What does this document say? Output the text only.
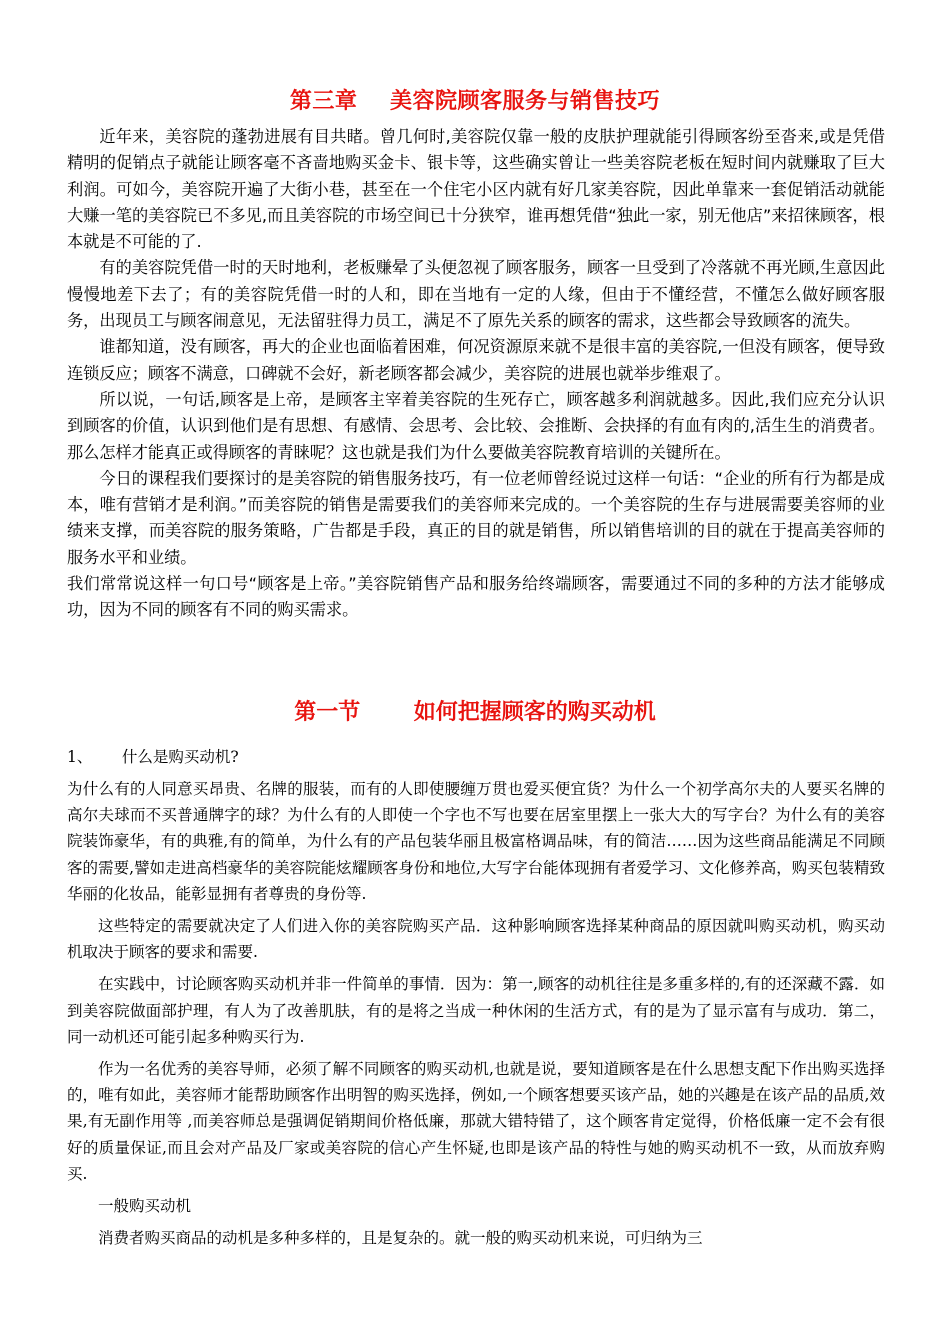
第三章    美容院顾客服务与销售技巧

近年来，美容院的蓬勃进展有目共睹。曾几何时,美容院仅靠一般的皮肤护理就能引得顾客纷至沓来,或是凭借精明的促销点子就能让顾客毫不吝啬地购买金卡、银卡等，这些确实曾让一些美容院老板在短时间内就赚取了巨大利润。可如今，美容院开遍了大街小巷，甚至在一个住宅小区内就有好几家美容院，因此单靠来一套促销活动就能大赚一笔的美容院已不多见,而且美容院的市场空间已十分狭窄，谁再想凭借“独此一家，别无他店”来招徕顾客，根本就是不可能的了.

有的美容院凭借一时的天时地利，老板赚晕了头便忽视了顾客服务，顾客一旦受到了冷落就不再光顾,生意因此慢慢地差下去了；有的美容院凭借一时的人和，即在当地有一定的人缘，但由于不懂经营，不懂怎么做好顾客服务，出现员工与顾客闹意见，无法留驻得力员工，满足不了原先关系的顾客的需求，这些都会导致顾客的流失。

谁都知道，没有顾客，再大的企业也面临着困难，何况资源原来就不是很丰富的美容院,一但没有顾客，便导致连锁反应；顾客不满意，口碑就不会好，新老顾客都会减少，美容院的进展也就举步维艰了。

所以说，一句话,顾客是上帝，是顾客主宰着美容院的生死存亡，顾客越多利润就越多。因此,我们应充分认识到顾客的价值，认识到他们是有思想、有感情、会思考、会比较、会推断、会抉择的有血有肉的,活生生的消费者。那么怎样才能真正或得顾客的青睐呢？这也就是我们为什么要做美容院教育培训的关键所在。

今日的课程我们要探讨的是美容院的销售服务技巧，有一位老师曾经说过这样一句话：“企业的所有行为都是成本，唯有营销才是利润。”而美容院的销售是需要我们的美容师来完成的。一个美容院的生存与进展需要美容师的业绩来支撑，而美容院的服务策略，广告都是手段，真正的目的就是销售，所以销售培训的目的就在于提高美容师的服务水平和业绩。

我们常常说这样一句口号“顾客是上帝。”美容院销售产品和服务给终端顾客，需要通过不同的多种的方法才能够成功，因为不同的顾客有不同的购买需求。

第一节       如何把握顾客的购买动机
1、      什么是购买动机?

为什么有的人同意买昂贵、名牌的服装，而有的人即使腰缠万贯也爱买便宜货？为什么一个初学高尔夫的人要买名牌的高尔夫球而不买普通牌字的球？为什么有的人即使一个字也不写也要在居室里摆上一张大大的写字台？为什么有的美容院装饰豪华，有的典雅,有的简单，为什么有的产品包装华丽且极富格调品味，有的简洁……因为这些商品能满足不同顾客的需要,譬如走进高档豪华的美容院能炫耀顾客身份和地位,大写字台能体现拥有者爱学习、文化修养高，购买包装精致华丽的化妆品，能彰显拥有者尊贵的身份等.

这些特定的需要就决定了人们进入你的美容院购买产品．这种影响顾客选择某种商品的原因就叫购买动机，购买动机取决于顾客的要求和需要.

在实践中，讨论顾客购买动机并非一件简单的事情．因为：第一,顾客的动机往往是多重多样的,有的还深藏不露．如到美容院做面部护理，有人为了改善肌肤，有的是将之当成一种休闲的生活方式，有的是为了显示富有与成功．第二，同一动机还可能引起多种购买行为.

作为一名优秀的美容导师，必须了解不同顾客的购买动机,也就是说，要知道顾客是在什么思想支配下作出购买选择的，唯有如此，美容师才能帮助顾客作出明智的购买选择，例如,一个顾客想要买该产品，她的兴趣是在该产品的品质,效果,有无副作用等 ,而美容师总是强调促销期间价格低廉，那就大错特错了，这个顾客肯定觉得，价格低廉一定不会有很好的质量保证,而且会对产品及厂家或美容院的信心产生怀疑,也即是该产品的特性与她的购买动机不一致，从而放弃购买.

一般购买动机

消费者购买商品的动机是多种多样的，且是复杂的。就一般的购买动机来说，可归纳为三
